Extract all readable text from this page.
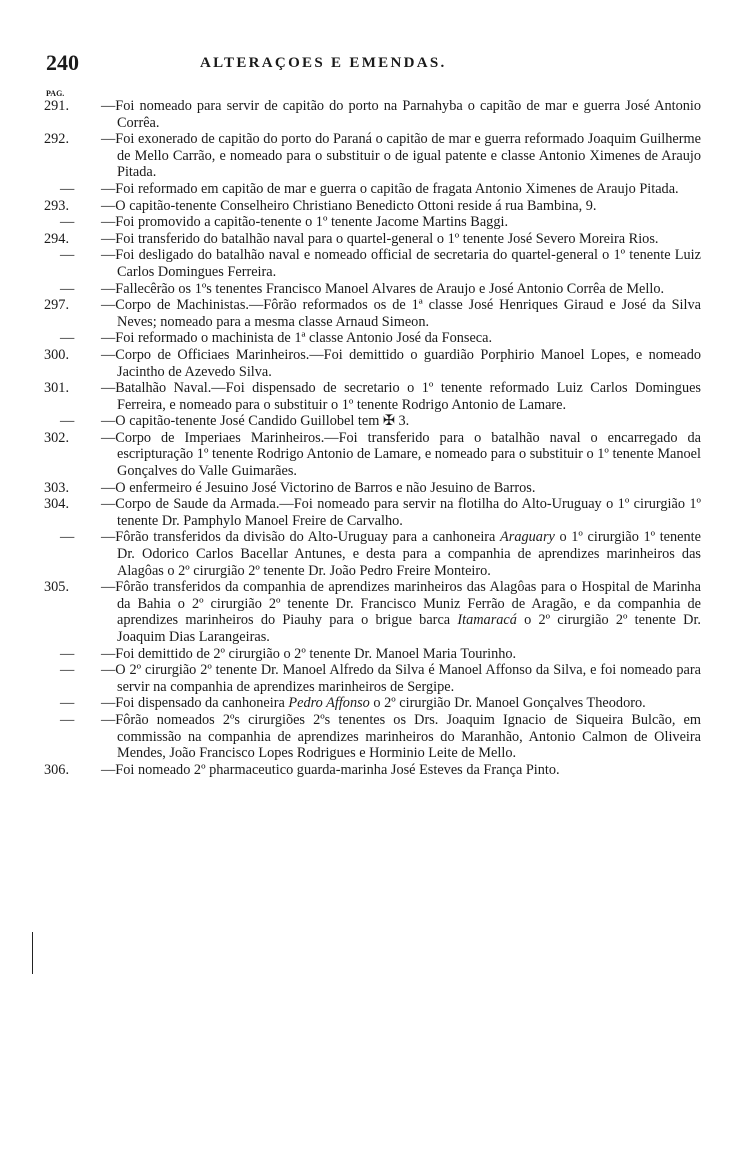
240	ALTERAÇOES E EMENDAS.
PAG.
291.	—Foi nomeado para servir de capitão do porto na Parnahyba o capitão de mar e guerra José Antonio Corrêa.
292.	—Foi exonerado de capitão do porto do Paraná o capitão de mar e guerra reformado Joaquim Guilherme de Mello Carrão, e nomeado para o substituir o de igual patente e classe Antonio Ximenes de Araujo Pitada.
—	—Foi reformado em capitão de mar e guerra o capitão de fragata Antonio Ximenes de Araujo Pitada.
293.	—O capitão-tenente Conselheiro Christiano Benedicto Ottoni reside á rua Bambina, 9.
—	—Foi promovido a capitão-tenente o 1º tenente Jacome Martins Baggi.
294.	—Foi transferido do batalhão naval para o quartel-general o 1º tenente José Severo Moreira Rios.
—	—Foi desligado do batalhão naval e nomeado official de secretaria do quartel-general o 1º tenente Luiz Carlos Domingues Ferreira.
—	—Fallecêrão os 1ºs tenentes Francisco Manoel Alvares de Araujo e José Antonio Corrêa de Mello.
297.	—Corpo de Machinistas.—Fôrão reformados os de 1ª classe José Henriques Giraud e José da Silva Neves; nomeado para a mesma classe Arnaud Simeon.
—	—Foi reformado o machinista de 1ª classe Antonio José da Fonseca.
300.	—Corpo de Officiaes Marinheiros.—Foi demittido o guardião Porphirio Manoel Lopes, e nomeado Jacintho de Azevedo Silva.
301.	—Batalhão Naval.—Foi dispensado de secretario o 1º tenente reformado Luiz Carlos Domingues Ferreira, e nomeado para o substituir o 1º tenente Rodrigo Antonio de Lamare.
—	—O capitão-tenente José Candido Guillobel tem ✠ 3.
302.	—Corpo de Imperiaes Marinheiros.—Foi transferido para o batalhão naval o encarregado da escripturação 1º tenente Rodrigo Antonio de Lamare, e nomeado para o substituir o 1º tenente Manoel Gonçalves do Valle Guimarães.
303.	—O enfermeiro é Jesuino José Victorino de Barros e não Jesuino de Barros.
304.	—Corpo de Saude da Armada.—Foi nomeado para servir na flotilha do Alto-Uruguay o 1º cirurgião 1º tenente Dr. Pamphylo Manoel Freire de Carvalho.
—	—Fôrão transferidos da divisão do Alto-Uruguay para a canhoneira Araguary o 1º cirurgião 1º tenente Dr. Odorico Carlos Bacellar Antunes, e desta para a companhia de aprendizes marinheiros das Alagôas o 2º cirurgião 2º tenente Dr. João Pedro Freire Monteiro.
305.	—Fôrão transferidos da companhia de aprendizes marinheiros das Alagôas para o Hospital de Marinha da Bahia o 2º cirurgião 2º tenente Dr. Francisco Muniz Ferrão de Aragão, e da companhia de aprendizes marinheiros do Piauhy para o brigue barca Itamaracá o 2º cirurgião 2º tenente Dr. Joaquim Dias Larangeiras.
—	—Foi demittido de 2º cirurgião o 2º tenente Dr. Manoel Maria Tourinho.
—	—O 2º cirurgião 2º tenente Dr. Manoel Alfredo da Silva é Manoel Affonso da Silva, e foi nomeado para servir na companhia de aprendizes marinheiros de Sergipe.
—	—Foi dispensado da canhoneira Pedro Affonso o 2º cirurgião Dr. Manoel Gonçalves Theodoro.
—	—Fôrão nomeados 2ºs cirurgiões 2ºs tenentes os Drs. Joaquim Ignacio de Siqueira Bulcão, em commissão na companhia de aprendizes marinheiros do Maranhão, Antonio Calmon de Oliveira Mendes, João Francisco Lopes Rodrigues e Horminio Leite de Mello.
306.	—Foi nomeado 2º pharmaceutico guarda-marinha José Esteves da França Pinto.
